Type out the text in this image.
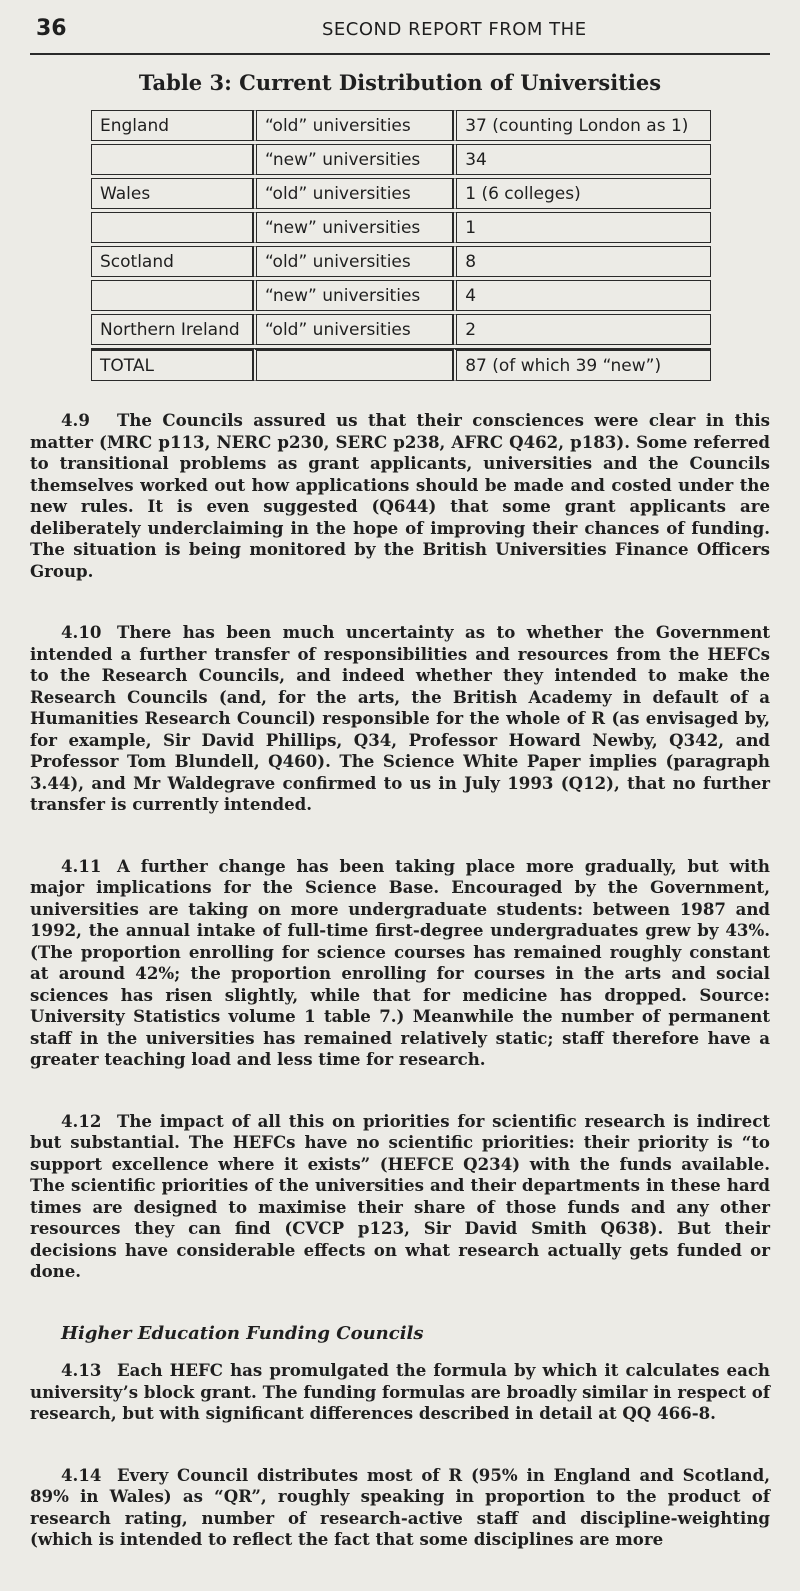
36	SECOND REPORT FROM THE
Table 3: Current Distribution of Universities
England	“old” universities	37 (counting London as 1)
	“new” universities	34
Wales	“old” universities	1 (6 colleges)
	“new” universities	1
Scotland	“old” universities	8
	“new” universities	4
Northern Ireland	“old” universities	2
TOTAL		87 (of which 39 “new”)
4.9 The Councils assured us that their consciences were clear in this matter (MRC p113, NERC p230, SERC p238, AFRC Q462, p183). Some referred to transitional problems as grant applicants, universities and the Councils themselves worked out how applications should be made and costed under the new rules. It is even suggested (Q644) that some grant applicants are deliberately underclaiming in the hope of improving their chances of funding. The situation is being monitored by the British Universities Finance Officers Group.
4.10 There has been much uncertainty as to whether the Government intended a further transfer of responsibilities and resources from the HEFCs to the Research Councils, and indeed whether they intended to make the Research Councils (and, for the arts, the British Academy in default of a Humanities Research Council) responsible for the whole of R (as envisaged by, for example, Sir David Phillips, Q34, Professor Howard Newby, Q342, and Professor Tom Blundell, Q460). The Science White Paper implies (paragraph 3.44), and Mr Waldegrave confirmed to us in July 1993 (Q12), that no further transfer is currently intended.
4.11 A further change has been taking place more gradually, but with major implications for the Science Base. Encouraged by the Government, universities are taking on more undergraduate students: between 1987 and 1992, the annual intake of full-time first-degree undergraduates grew by 43%. (The proportion enrolling for science courses has remained roughly constant at around 42%; the proportion enrolling for courses in the arts and social sciences has risen slightly, while that for medicine has dropped. Source: University Statistics volume 1 table 7.) Meanwhile the number of permanent staff in the universities has remained relatively static; staff therefore have a greater teaching load and less time for research.
4.12 The impact of all this on priorities for scientific research is indirect but substantial. The HEFCs have no scientific priorities: their priority is “to support excellence where it exists” (HEFCE Q234) with the funds available. The scientific priorities of the universities and their departments in these hard times are designed to maximise their share of those funds and any other resources they can find (CVCP p123, Sir David Smith Q638). But their decisions have considerable effects on what research actually gets funded or done.
Higher Education Funding Councils
4.13 Each HEFC has promulgated the formula by which it calculates each university’s block grant. The funding formulas are broadly similar in respect of research, but with significant differences described in detail at QQ 466-8.
4.14 Every Council distributes most of R (95% in England and Scotland, 89% in Wales) as “QR”, roughly speaking in proportion to the product of research rating, number of research-active staff and discipline-weighting (which is intended to reflect the fact that some disciplines are more
